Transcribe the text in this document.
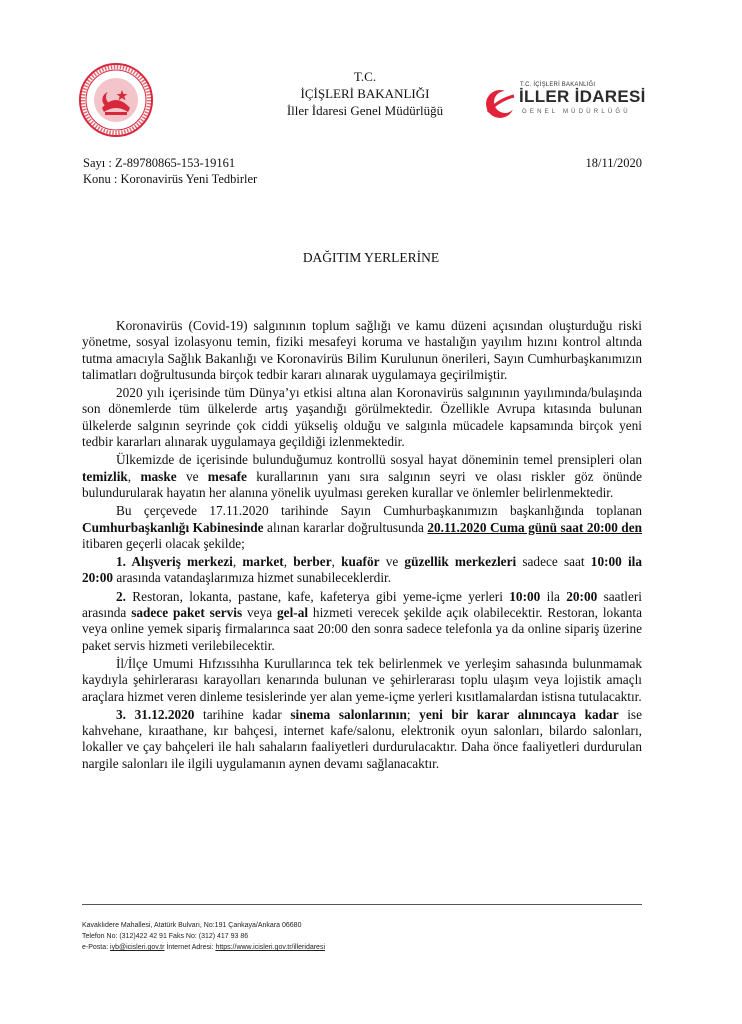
T.C.
İÇİŞLERİ BAKANLIĞI
İller İdaresi Genel Müdürlüğü
T.C. İÇİŞLERİ BAKANLIĞI
İLLER İDARESİ
GENEL MÜDÜRLÜĞÜ
Sayı : Z-89780865-153-19161	18/11/2020
Konu : Koronavirüs Yeni Tedbirler
DAĞITIM YERLERİNE

Koronavirüs (Covid-19) salgınının toplum sağlığı ve kamu düzeni açısından oluşturduğu riski yönetme, sosyal izolasyonu temin, fiziki mesafeyi koruma ve hastalığın yayılım hızını kontrol altında tutma amacıyla Sağlık Bakanlığı ve Koronavirüs Bilim Kurulunun önerileri, Sayın Cumhurbaşkanımızın talimatları doğrultusunda birçok tedbir kararı alınarak uygulamaya geçirilmiştir.

2020 yılı içerisinde tüm Dünya’yı etkisi altına alan Koronavirüs salgınının yayılımında/bulaşında son dönemlerde tüm ülkelerde artış yaşandığı görülmektedir. Özellikle Avrupa kıtasında bulunan ülkelerde salgının seyrinde çok ciddi yükseliş olduğu ve salgınla mücadele kapsamında birçok yeni tedbir kararları alınarak uygulamaya geçildiği izlenmektedir.

Ülkemizde de içerisinde bulunduğumuz kontrollü sosyal hayat döneminin temel prensipleri olan temizlik, maske ve mesafe kurallarının yanı sıra salgının seyri ve olası riskler göz önünde bulundurularak hayatın her alanına yönelik uyulması gereken kurallar ve önlemler belirlenmektedir.

Bu çerçevede 17.11.2020 tarihinde Sayın Cumhurbaşkanımızın başkanlığında toplanan Cumhurbaşkanlığı Kabinesinde alınan kararlar doğrultusunda 20.11.2020 Cuma günü saat 20:00 den itibaren geçerli olacak şekilde;

1. Alışveriş merkezi, market, berber, kuaför ve güzellik merkezleri sadece saat 10:00 ila 20:00 arasında vatandaşlarımıza hizmet sunabileceklerdir.

2. Restoran, lokanta, pastane, kafe, kafeterya gibi yeme-içme yerleri 10:00 ila 20:00 saatleri arasında sadece paket servis veya gel-al hizmeti verecek şekilde açık olabilecektir. Restoran, lokanta veya online yemek sipariş firmalarınca saat 20:00 den sonra sadece telefonla ya da online sipariş üzerine paket servis hizmeti verilebilecektir.

İl/İlçe Umumi Hıfzıssıhha Kurullarınca tek tek belirlenmek ve yerleşim sahasında bulunmamak kaydıyla şehirlerarası karayolları kenarında bulunan ve şehirlerarası toplu ulaşım veya lojistik amaçlı araçlara hizmet veren dinleme tesislerinde yer alan yeme-içme yerleri kısıtlamalardan istisna tutulacaktır.

3. 31.12.2020 tarihine kadar sinema salonlarının; yeni bir karar alınıncaya kadar ise kahvehane, kıraathane, kır bahçesi, internet kafe/salonu, elektronik oyun salonları, bilardo salonları, lokaller ve çay bahçeleri ile halı sahaların faaliyetleri durdurulacaktır. Daha önce faaliyetleri durdurulan nargile salonları ile ilgili uygulamanın aynen devamı sağlanacaktır.

Kavaklıdere Mahallesi, Atatürk Bulvarı, No:191 Çankaya/Ankara 06680
Telefon No: (312)422 42 91 Faks No: (312) 417 93 86
e-Posta: iyb@icisleri.gov.tr İnternet Adresi: https://www.icisleri.gov.tr/illeridaresi
